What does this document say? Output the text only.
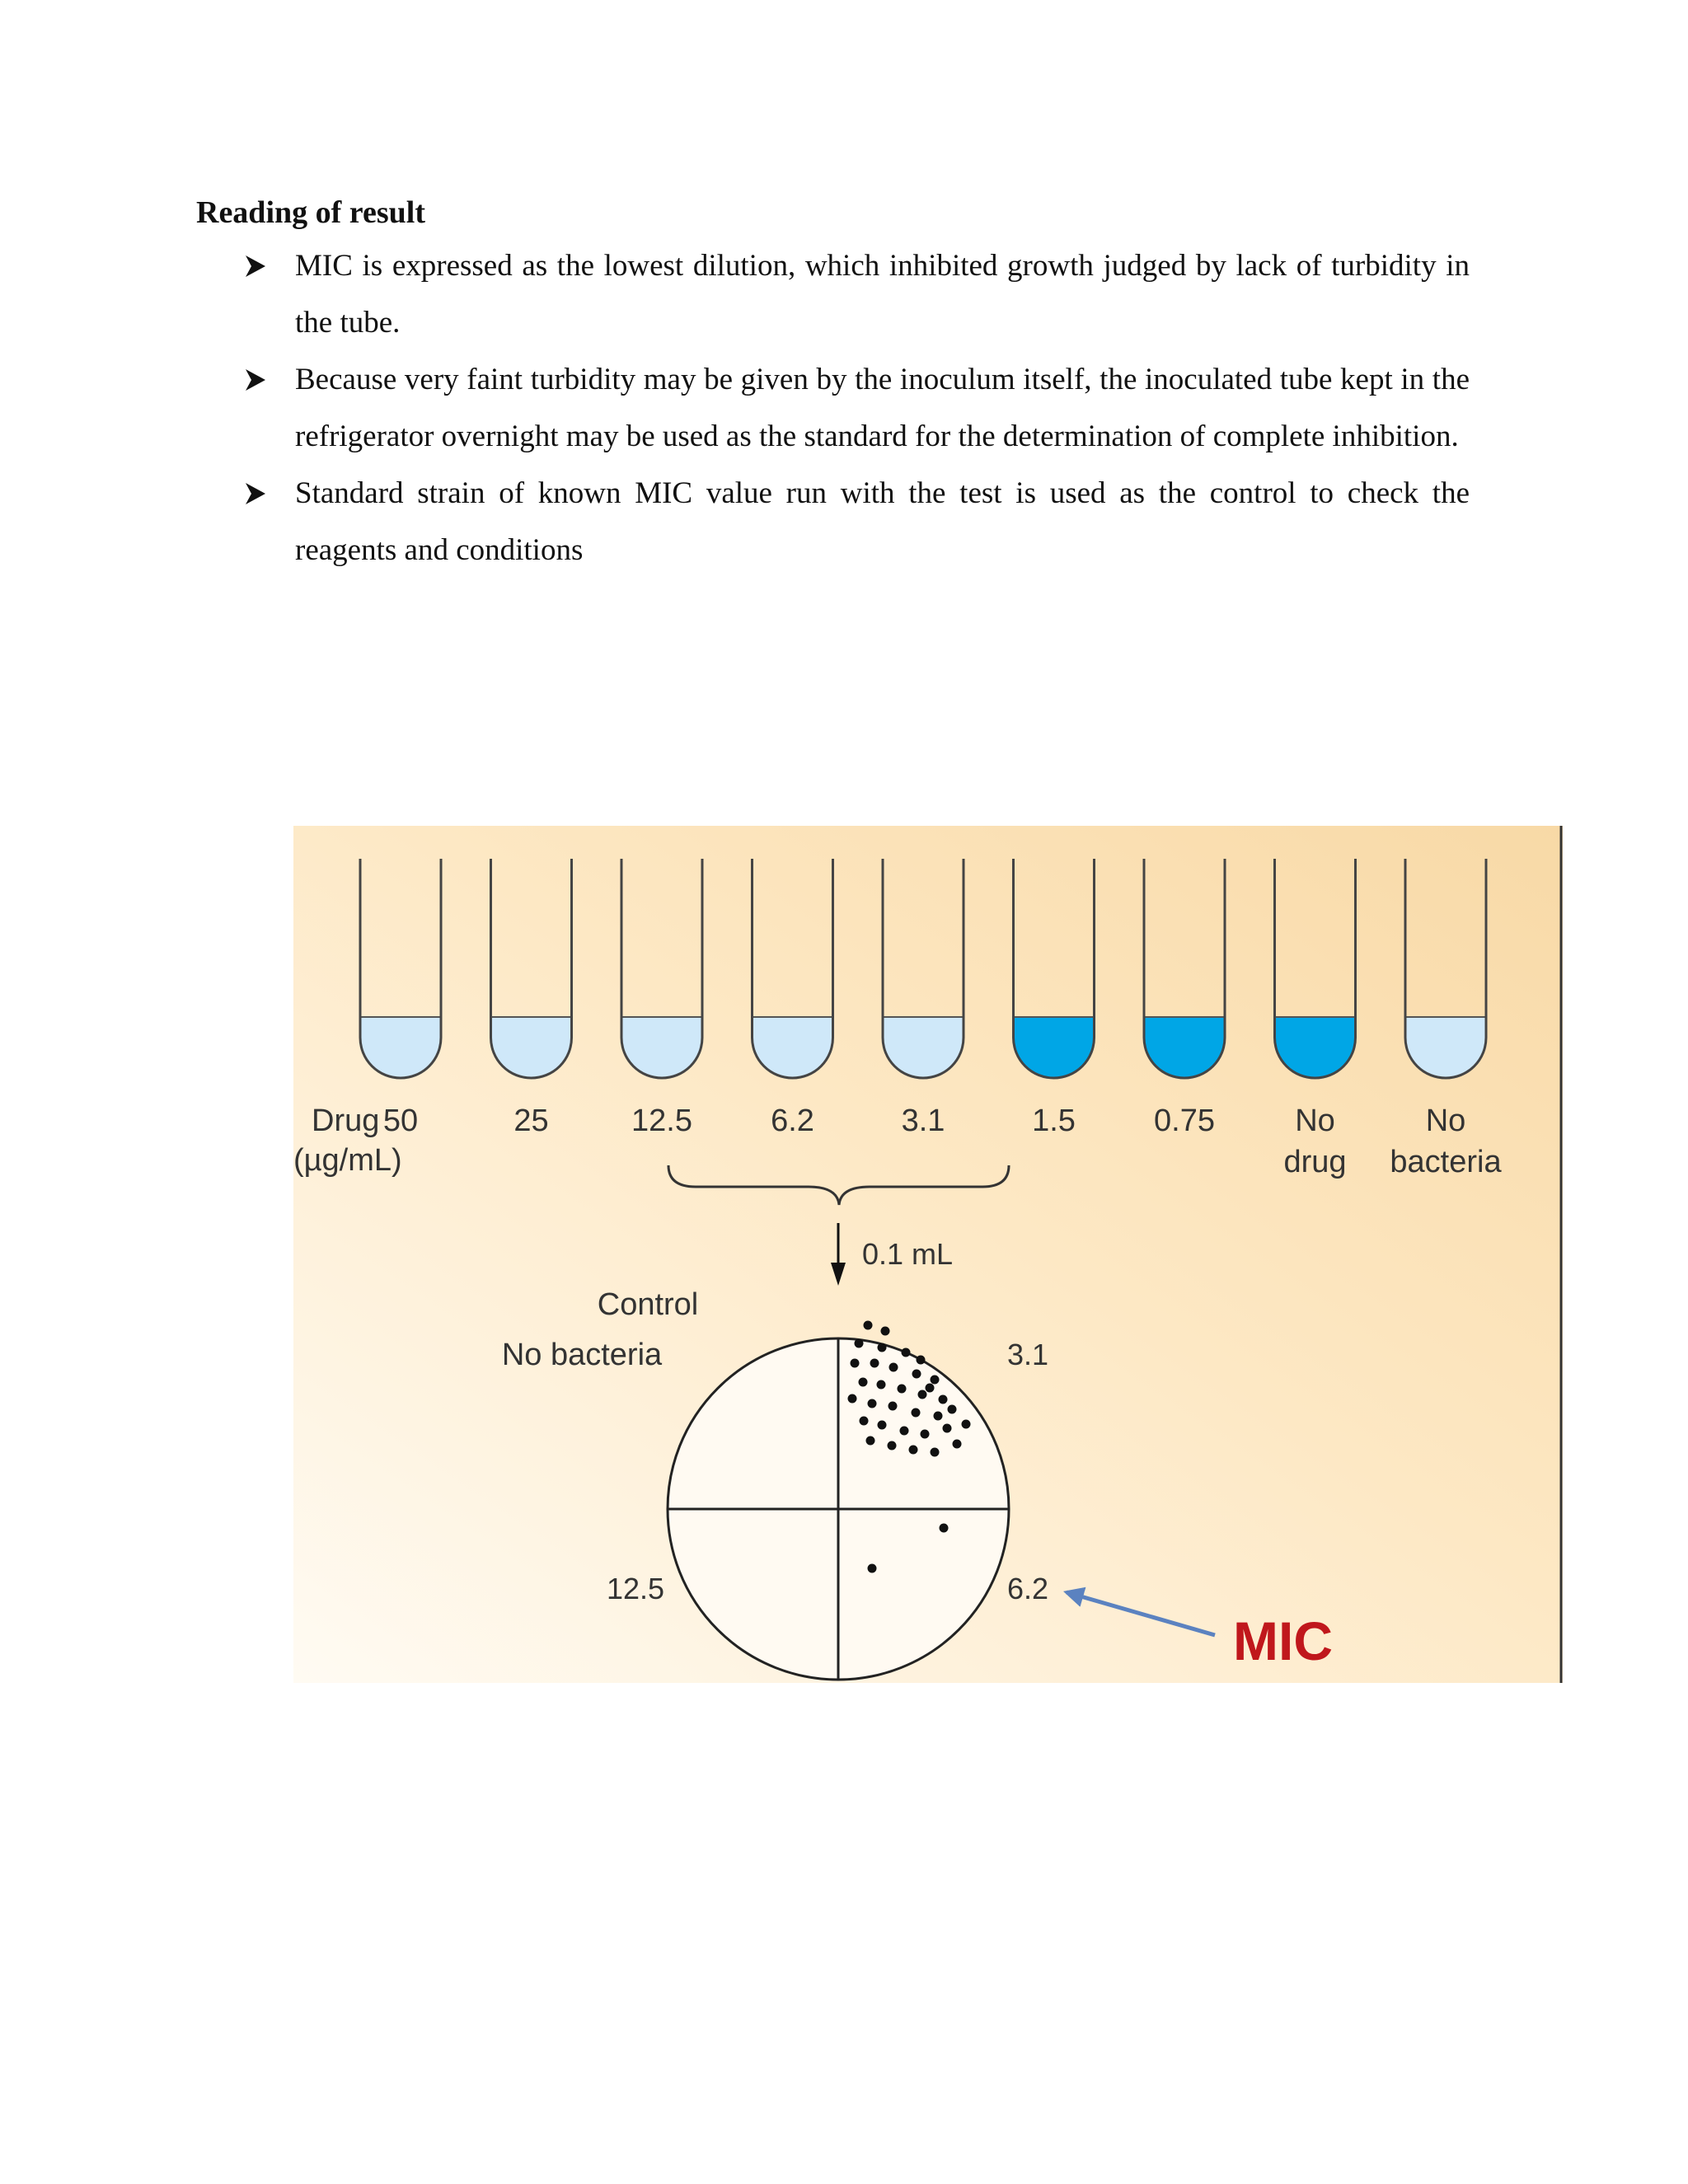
Reading of result
MIC is expressed as the lowest dilution, which inhibited growth judged by lack of turbidity in the tube.
Because very faint turbidity may be given by the inoculum itself, the inoculated tube kept in the refrigerator overnight may be used as the standard for the determination of complete inhibition.
Standard strain of known MIC value run with the test is used as the control to check the reagents and conditions
Drug
(µg/mL)
50	25	12.5	6.2	3.1	1.5	0.75	No
drug
No
bacteria
0.1 mL
Control
No bacteria	3.1
12.5	6.2
MIC
